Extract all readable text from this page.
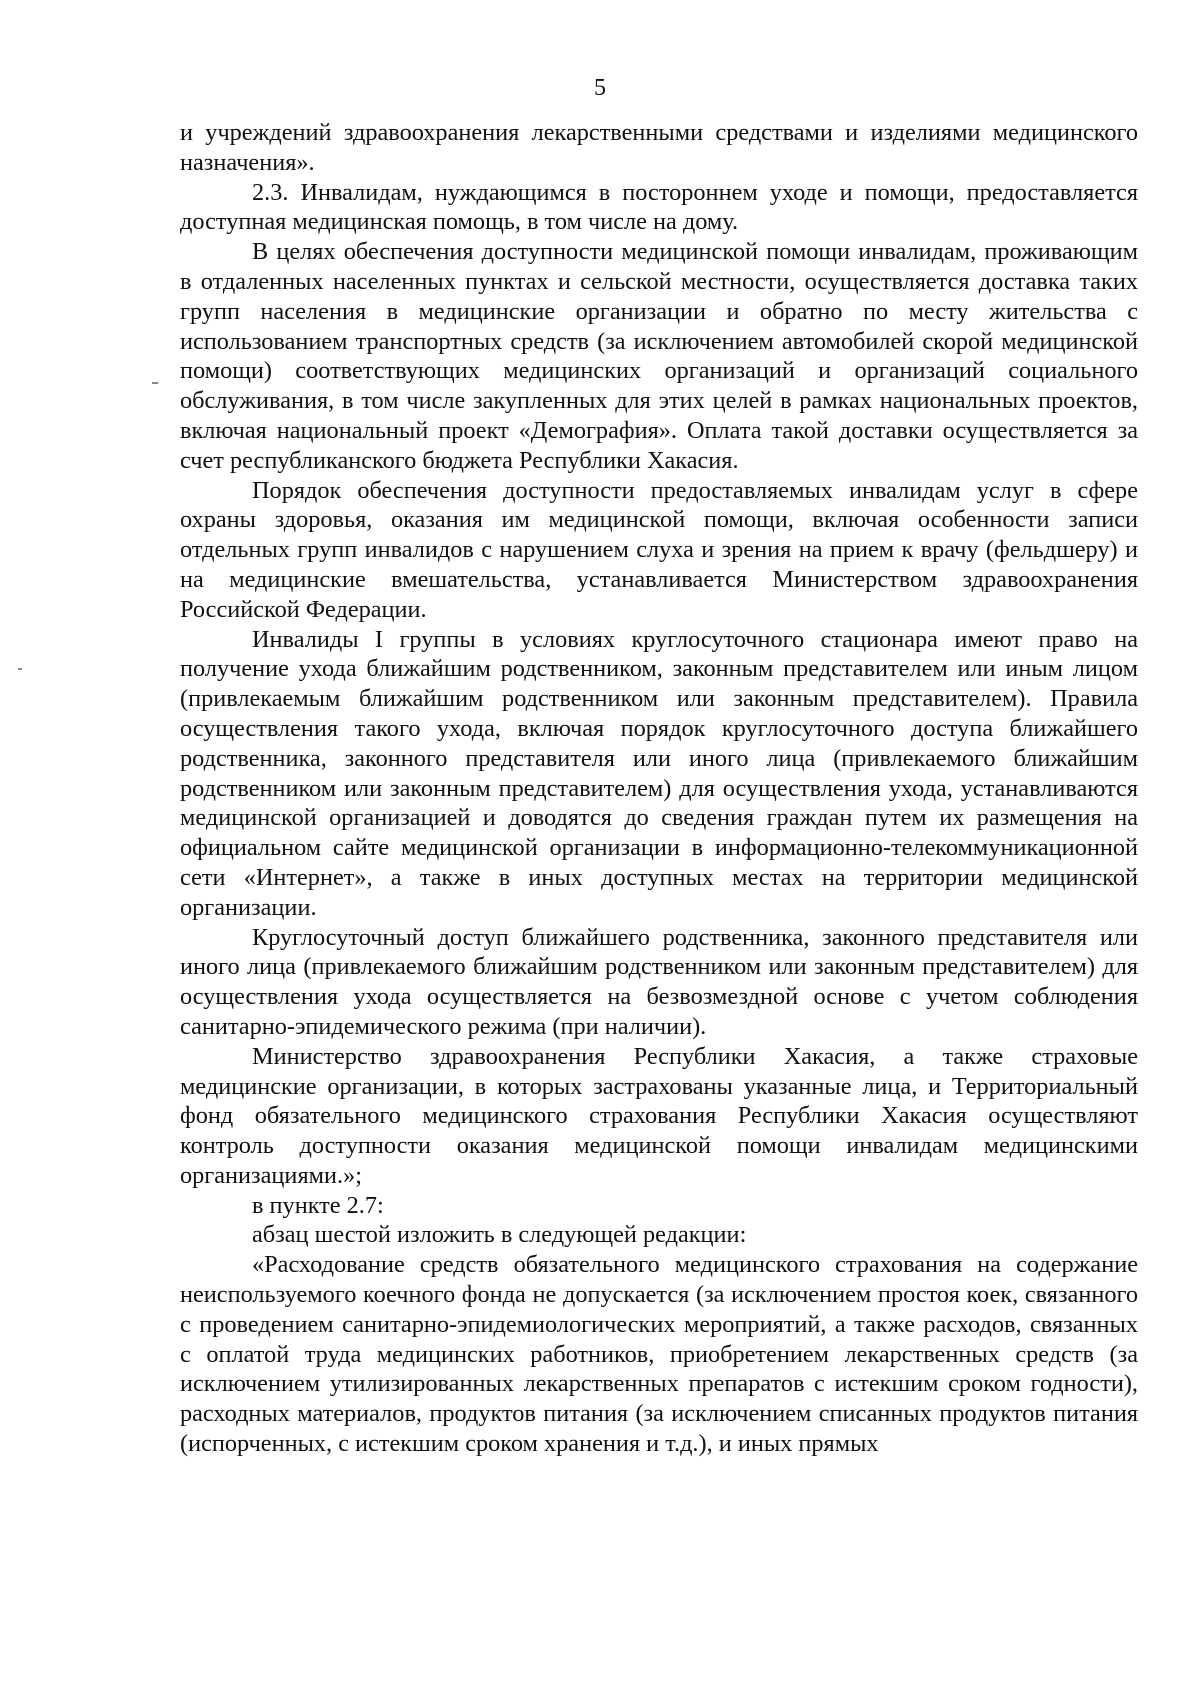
5

и учреждений здравоохранения лекарственными средствами и изделиями медицинского назначения».

2.3. Инвалидам, нуждающимся в постороннем уходе и помощи, предоставляется доступная медицинская помощь, в том числе на дому.

В целях обеспечения доступности медицинской помощи инвалидам, проживающим в отдаленных населенных пунктах и сельской местности, осуществляется доставка таких групп населения в медицинские организации и обратно по месту жительства с использованием транспортных средств (за исключением автомобилей скорой медицинской помощи) соответствующих медицинских организаций и организаций социального обслуживания, в том числе закупленных для этих целей в рамках национальных проектов, включая национальный проект «Демография». Оплата такой доставки осуществляется за счет республиканского бюджета Республики Хакасия.

Порядок обеспечения доступности предоставляемых инвалидам услуг в сфере охраны здоровья, оказания им медицинской помощи, включая особенности записи отдельных групп инвалидов с нарушением слуха и зрения на прием к врачу (фельдшеру) и на медицинские вмешательства, устанавливается Министерством здравоохранения Российской Федерации.

Инвалиды I группы в условиях круглосуточного стационара имеют право на получение ухода ближайшим родственником, законным представителем или иным лицом (привлекаемым ближайшим родственником или законным представителем). Правила осуществления такого ухода, включая порядок круглосуточного доступа ближайшего родственника, законного представителя или иного лица (привлекаемого ближайшим родственником или законным представителем) для осуществления ухода, устанавливаются медицинской организацией и доводятся до сведения граждан путем их размещения на официальном сайте медицинской организации в информационно-телекоммуникационной сети «Интернет», а также в иных доступных местах на территории медицинской организации.

Круглосуточный доступ ближайшего родственника, законного представителя или иного лица (привлекаемого ближайшим родственником или законным представителем) для осуществления ухода осуществляется на безвозмездной основе с учетом соблюдения санитарно-эпидемического режима (при наличии).

Министерство здравоохранения Республики Хакасия, а также страховые медицинские организации, в которых застрахованы указанные лица, и Территориальный фонд обязательного медицинского страхования Республики Хакасия осуществляют контроль доступности оказания медицинской помощи инвалидам медицинскими организациями.»;

в пункте 2.7:

абзац шестой изложить в следующей редакции:

«Расходование средств обязательного медицинского страхования на содержание неиспользуемого коечного фонда не допускается (за исключением простоя коек, связанного с проведением санитарно-эпидемиологических мероприятий, а также расходов, связанных с оплатой труда медицинских работников, приобретением лекарственных средств (за исключением утилизированных лекарственных препаратов с истекшим сроком годности), расходных материалов, продуктов питания (за исключением списанных продуктов питания (испорченных, с истекшим сроком хранения и т.д.), и иных прямых
